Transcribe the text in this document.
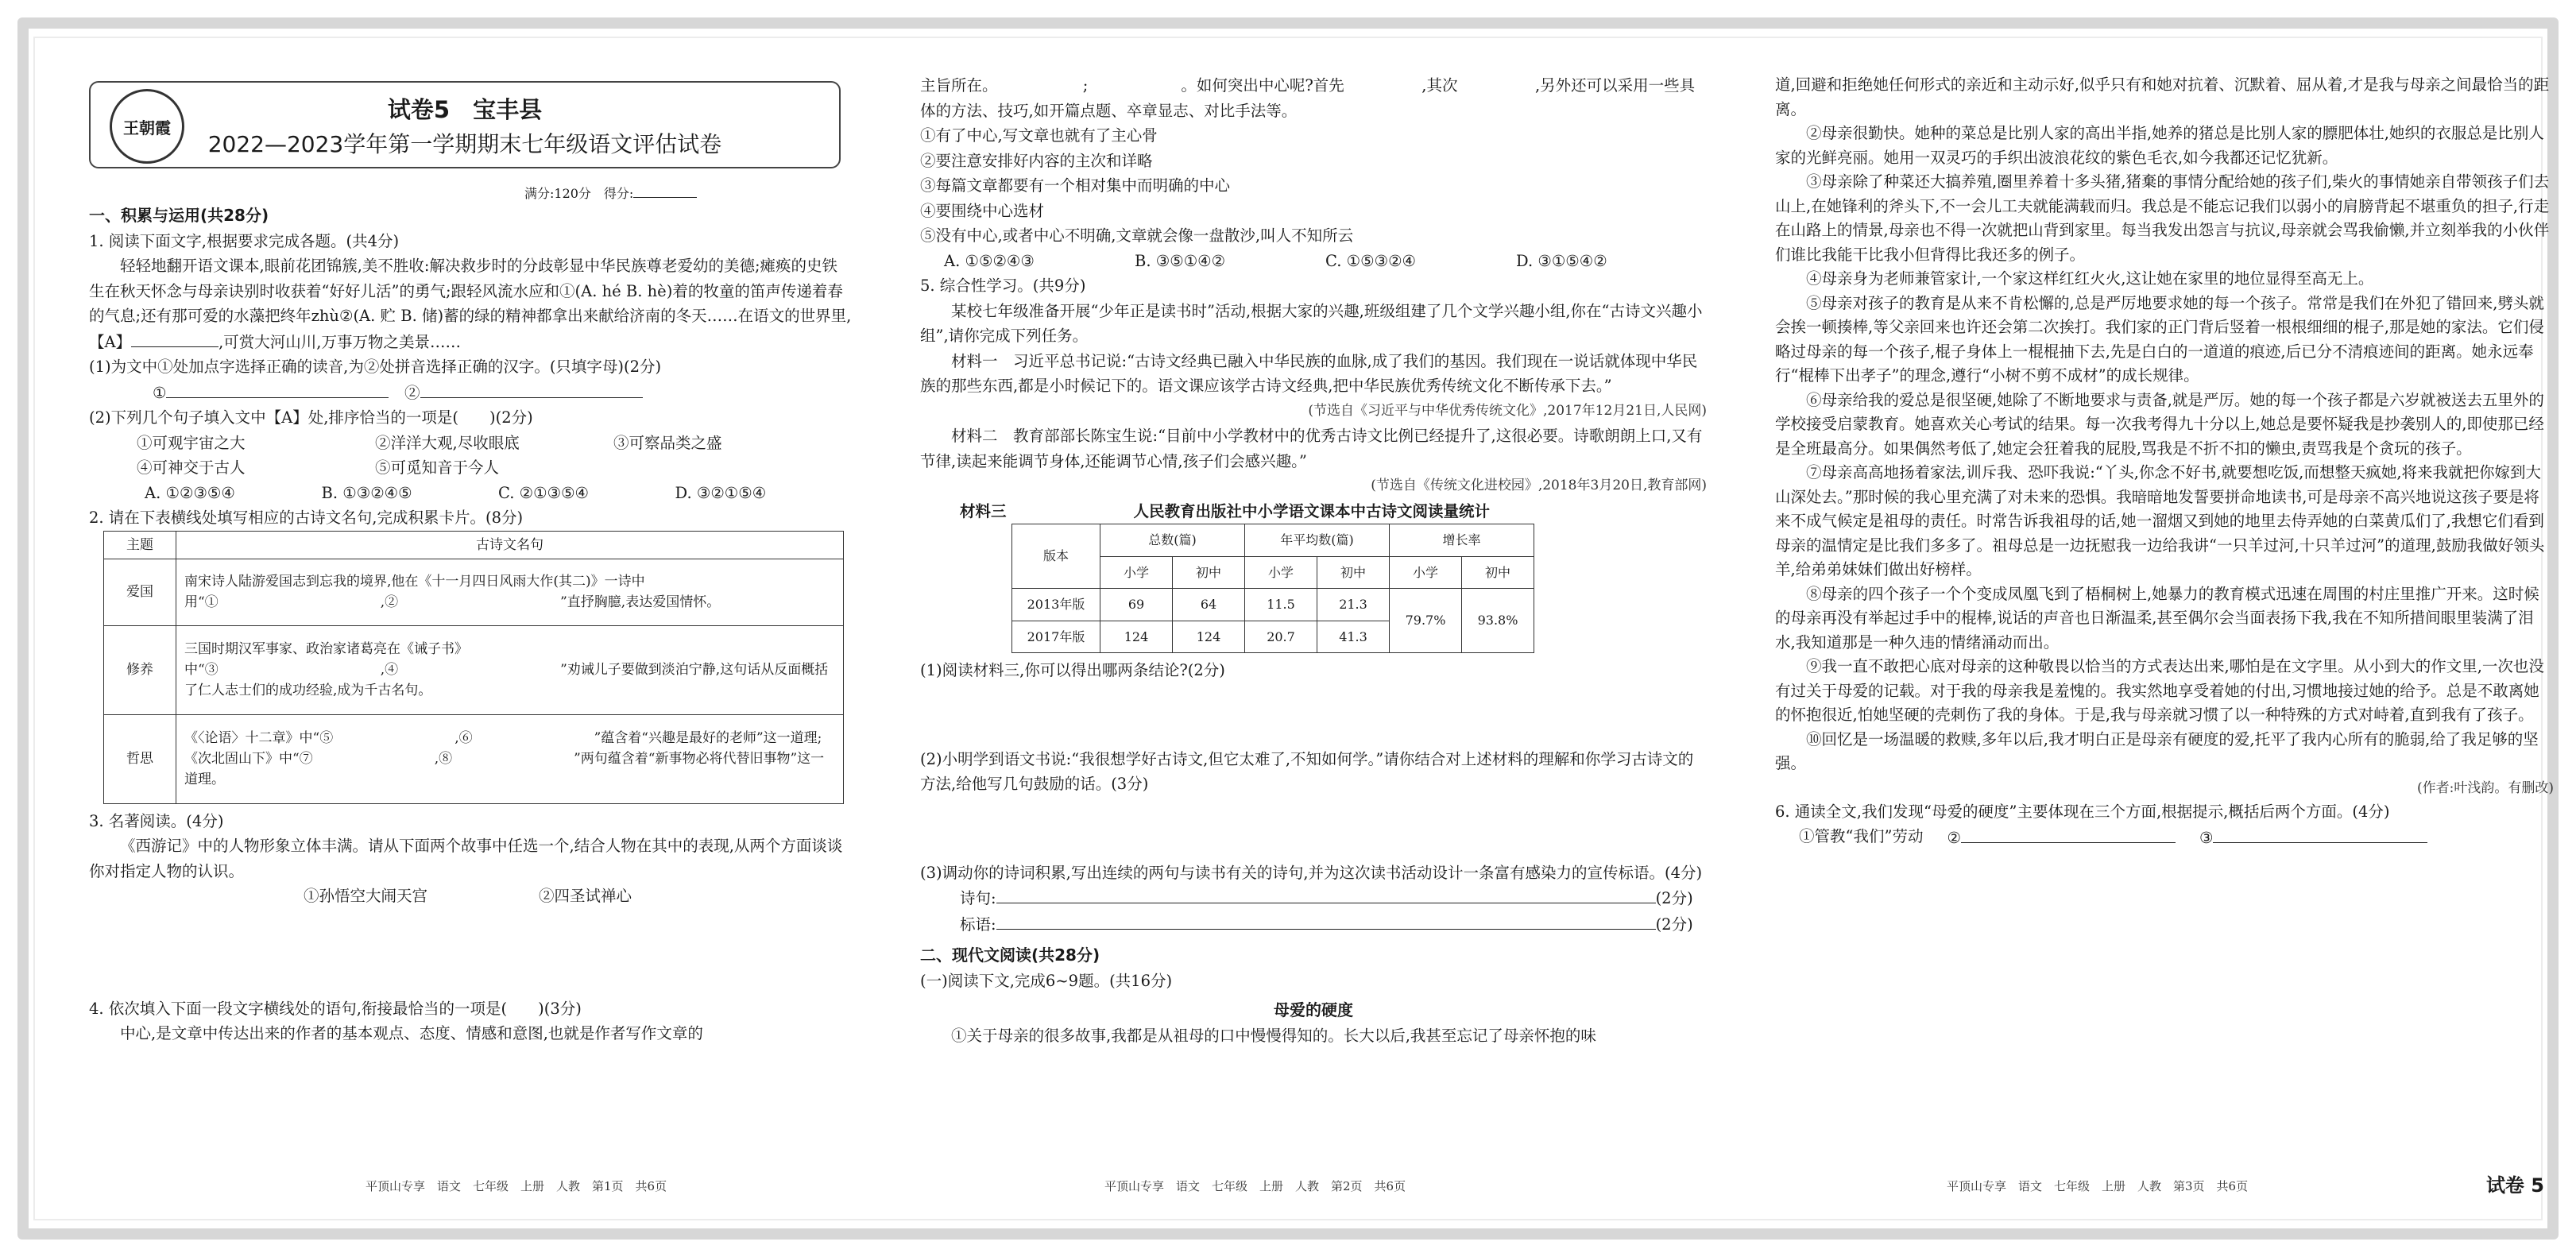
王朝霞
试卷5　宝丰县
2022—2023学年第一学期期末七年级语文评估试卷
满分:120分　得分:

一、积累与运用(共28分)

1. 阅读下面文字,根据要求完成各题。(共4分)

轻轻地翻开语文课本,眼前花团锦簇,美不胜收:解决救步时的分歧彰显中华民族尊老爱幼的美德;瘫痪的史铁生在秋天怀念与母亲诀别时收获着“好好儿活”的勇气;跟轻风流水应和①(A. hé B. hè)着的牧童的笛声传递着春的气息;还有那可爱的水藻把终年zhù②(A. 贮 B. 储)蓄的绿的精神都拿出来献给济南的冬天……在语文的世界里,【A】	,可赏大河山川,万事万物之美景……

(1)为文中①处加点字选择正确的读音,为②处拼音选择正确的汉字。(只填字母)(2分)

①　	②

(2)下列几个句子填入文中【A】处,排序恰当的一项是(　　)(2分)

①可观宇宙之大	②洋洋大观,尽收眼底	③可察品类之盛
④可神交于古人	⑤可觅知音于今人
A. ①②③⑤④	B. ①③②④⑤	C. ②①③⑤④	D. ③②①⑤④

2. 请在下表横线处填写相应的古诗文名句,完成积累卡片。(8分)

主题	古诗文名句
爱国	南宋诗人陆游爱国志到忘我的境界,他在《十一月四日风雨大作(其二)》一诗中用“①　　　　　　　　　　　　,②　　　　　　　　　　　　”直抒胸臆,表达爱国情怀。
修养	三国时期汉军事家、政治家诸葛亮在《诫子书》中“③　　　　　　　　　　　　,④　　　　　　　　　　　　”劝诫儿子要做到淡泊宁静,这句话从反面概括了仁人志士们的成功经验,成为千古名句。
哲思	《〈论语〉十二章》中“⑤　　　　　　　　　,⑥　　　　　　　　　”蕴含着“兴趣是最好的老师”这一道理;《次北固山下》中“⑦　　　　　　　　　,⑧　　　　　　　　　”两句蕴含着“新事物必将代替旧事物”这一道理。

3. 名著阅读。(4分)

《西游记》中的人物形象立体丰满。请从下面两个故事中任选一个,结合人物在其中的表现,从两个方面谈谈你对指定人物的认识。

①孙悟空大闹天宫	②四圣试禅心

4. 依次填入下面一段文字横线处的语句,衔接最恰当的一项是(　　)(3分)

中心,是文章中传达出来的作者的基本观点、态度、情感和意图,也就是作者写作文章的

平顶山专享　语文　七年级　上册　人教　第1页　共6页

主旨所在。　　　　　　;　　　　　　。如何突出中心呢?首先　　　　　,其次　　　　　,另外还可以采用一些具体的方法、技巧,如开篇点题、卒章显志、对比手法等。

①有了中心,写文章也就有了主心骨

②要注意安排好内容的主次和详略

③每篇文章都要有一个相对集中而明确的中心

④要围绕中心选材

⑤没有中心,或者中心不明确,文章就会像一盘散沙,叫人不知所云

A. ①⑤②④③	B. ③⑤①④②	C. ①⑤③②④	D. ③①⑤④②

5. 综合性学习。(共9分)

某校七年级准备开展“少年正是读书时”活动,根据大家的兴趣,班级组建了几个文学兴趣小组,你在“古诗文兴趣小组”,请你完成下列任务。

材料一　习近平总书记说:“古诗文经典已融入中华民族的血脉,成了我们的基因。我们现在一说话就体现中华民族的那些东西,都是小时候记下的。语文课应该学古诗文经典,把中华民族优秀传统文化不断传承下去。”

(节选自《习近平与中华优秀传统文化》,2017年12月21日,人民网)

材料二　教育部部长陈宝生说:“目前中小学教材中的优秀古诗文比例已经提升了,这很必要。诗歌朗朗上口,又有节律,读起来能调节身体,还能调节心情,孩子们会感兴趣。”

(节选自《传统文化进校园》,2018年3月20日,教育部网)

材料三	人民教育出版社中小学语文课本中古诗文阅读量统计

版本	总数(篇)		年平均数(篇)		增长率	
	小学	初中	小学	初中	小学	初中
2013年版	69	64	11.5	21.3	79.7%	93.8%
2017年版	124	124	20.7	41.3		

(1)阅读材料三,你可以得出哪两条结论?(2分)

(2)小明学到语文书说:“我很想学好古诗文,但它太难了,不知如何学。”请你结合对上述材料的理解和你学习古诗文的方法,给他写几句鼓励的话。(3分)

(3)调动你的诗词积累,写出连续的两句与读书有关的诗句,并为这次读书活动设计一条富有感染力的宣传标语。(4分)

诗句:	(2分)

标语:	(2分)

二、现代文阅读(共28分)

(一)阅读下文,完成6~9题。(共16分)

母爱的硬度

①关于母亲的很多故事,我都是从祖母的口中慢慢得知的。长大以后,我甚至忘记了母亲怀抱的味

平顶山专享　语文　七年级　上册　人教　第2页　共6页

道,回避和拒绝她任何形式的亲近和主动示好,似乎只有和她对抗着、沉默着、屈从着,才是我与母亲之间最恰当的距离。

②母亲很勤快。她种的菜总是比别人家的高出半指,她养的猪总是比别人家的膘肥体壮,她织的衣服总是比别人家的光鲜亮丽。她用一双灵巧的手织出波浪花纹的紫色毛衣,如今我都还记忆犹新。

③母亲除了种菜还大搞养殖,圈里养着十多头猪,猪棄的事情分配给她的孩子们,柴火的事情她亲自带领孩子们去山上,在她锋利的斧头下,不一会儿工夫就能满载而归。我总是不能忘记我们以弱小的肩膀背起不堪重负的担子,行走在山路上的情景,母亲也不得一次就把山背到家里。每当我发出怨言与抗议,母亲就会骂我偷懒,并立刻举我的小伙伴们谁比我能干比我小但背得比我还多的例子。

④母亲身为老师兼管家计,一个家这样红红火火,这让她在家里的地位显得至高无上。

⑤母亲对孩子的教育是从来不肯松懈的,总是严厉地要求她的每一个孩子。常常是我们在外犯了错回来,劈头就会挨一顿揍棒,等父亲回来也许还会第二次挨打。我们家的正门背后竖着一根根细细的棍子,那是她的家法。它们侵略过母亲的每一个孩子,棍子身体上一棍棍抽下去,先是白白的一道道的痕迹,后已分不清痕迹间的距离。她永远奉行“棍棒下出孝子”的理念,遵行“小树不剪不成材”的成长规律。

⑥母亲给我的爱总是很坚硬,她除了不断地要求与责备,就是严厉。她的每一个孩子都是六岁就被送去五里外的学校接受启蒙教育。她喜欢关心考试的结果。每一次我考得九十分以上,她总是要怀疑我是抄袭别人的,即使那已经是全班最高分。如果偶然考低了,她定会狂着我的屁股,骂我是不折不扣的懒虫,责骂我是个贪玩的孩子。

⑦母亲高高地扬着家法,训斥我、恐吓我说:“丫头,你念不好书,就要想吃饭,而想整天疯她,将来我就把你嫁到大山深处去。”那时候的我心里充满了对未来的恐惧。我暗暗地发誓要拼命地读书,可是母亲不高兴地说这孩子要是将来不成气候定是祖母的责任。时常告诉我祖母的话,她一溜烟又到她的地里去侍弄她的白菜黄瓜们了,我想它们看到母亲的温情定是比我们多多了。祖母总是一边抚慰我一边给我讲“一只羊过河,十只羊过河”的道理,鼓励我做好领头羊,给弟弟妹妹们做出好榜样。

⑧母亲的四个孩子一个个变成凤凰飞到了梧桐树上,她暴力的教育模式迅速在周围的村庄里推广开来。这时候的母亲再没有举起过手中的棍棒,说话的声音也日渐温柔,甚至偶尔会当面表扬下我,我在不知所措间眼里装满了泪水,我知道那是一种久违的情绪涌动而出。

⑨我一直不敢把心底对母亲的这种敬畏以恰当的方式表达出来,哪怕是在文字里。从小到大的作文里,一次也没有过关于母爱的记载。对于我的母亲我是羞愧的。我实然地享受着她的付出,习惯地接过她的给予。总是不敢离她的怀抱很近,怕她坚硬的壳刺伤了我的身体。于是,我与母亲就习惯了以一种特殊的方式对峙着,直到我有了孩子。

⑩回忆是一场温暖的救赎,多年以后,我才明白正是母亲有硬度的爱,托平了我内心所有的脆弱,给了我足够的坚强。

(作者:叶浅韵。有删改)

6. 通读全文,我们发现“母爱的硬度”主要体现在三个方面,根据提示,概括后两个方面。(4分)

①管教“我们”劳动 ②	③

平顶山专享　语文　七年级　上册　人教　第3页　共6页	试卷 5
